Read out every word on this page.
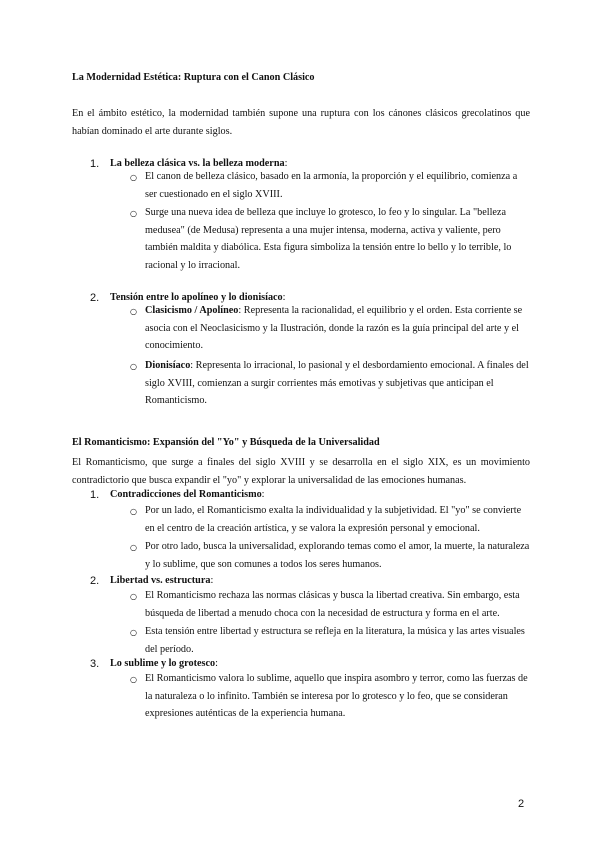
La Modernidad Estética: Ruptura con el Canon Clásico
En el ámbito estético, la modernidad también supone una ruptura con los cánones clásicos grecolatinos que habían dominado el arte durante siglos.
1. La belleza clásica vs. la belleza moderna:
○ El canon de belleza clásico, basado en la armonía, la proporción y el equilibrio, comienza a ser cuestionado en el siglo XVIII.
○ Surge una nueva idea de belleza que incluye lo grotesco, lo feo y lo singular. La "belleza medusea" (de Medusa) representa a una mujer intensa, moderna, activa y valiente, pero también maldita y diabólica. Esta figura simboliza la tensión entre lo bello y lo terrible, lo racional y lo irracional.
2. Tensión entre lo apolíneo y lo dionisíaco:
○ Clasicismo / Apolíneo: Representa la racionalidad, el equilibrio y el orden. Esta corriente se asocia con el Neoclasicismo y la Ilustración, donde la razón es la guía principal del arte y el conocimiento.
○ Dionisíaco: Representa lo irracional, lo pasional y el desbordamiento emocional. A finales del siglo XVIII, comienzan a surgir corrientes más emotivas y subjetivas que anticipan el Romanticismo.
El Romanticismo: Expansión del "Yo" y Búsqueda de la Universalidad
El Romanticismo, que surge a finales del siglo XVIII y se desarrolla en el siglo XIX, es un movimiento contradictorio que busca expandir el "yo" y explorar la universalidad de las emociones humanas.
1. Contradicciones del Romanticismo:
○ Por un lado, el Romanticismo exalta la individualidad y la subjetividad. El "yo" se convierte en el centro de la creación artística, y se valora la expresión personal y emocional.
○ Por otro lado, busca la universalidad, explorando temas como el amor, la muerte, la naturaleza y lo sublime, que son comunes a todos los seres humanos.
2. Libertad vs. estructura:
○ El Romanticismo rechaza las normas clásicas y busca la libertad creativa. Sin embargo, esta búsqueda de libertad a menudo choca con la necesidad de estructura y forma en el arte.
○ Esta tensión entre libertad y estructura se refleja en la literatura, la música y las artes visuales del período.
3. Lo sublime y lo grotesco:
○ El Romanticismo valora lo sublime, aquello que inspira asombro y terror, como las fuerzas de la naturaleza o lo infinito. También se interesa por lo grotesco y lo feo, que se consideran expresiones auténticas de la experiencia humana.
2
